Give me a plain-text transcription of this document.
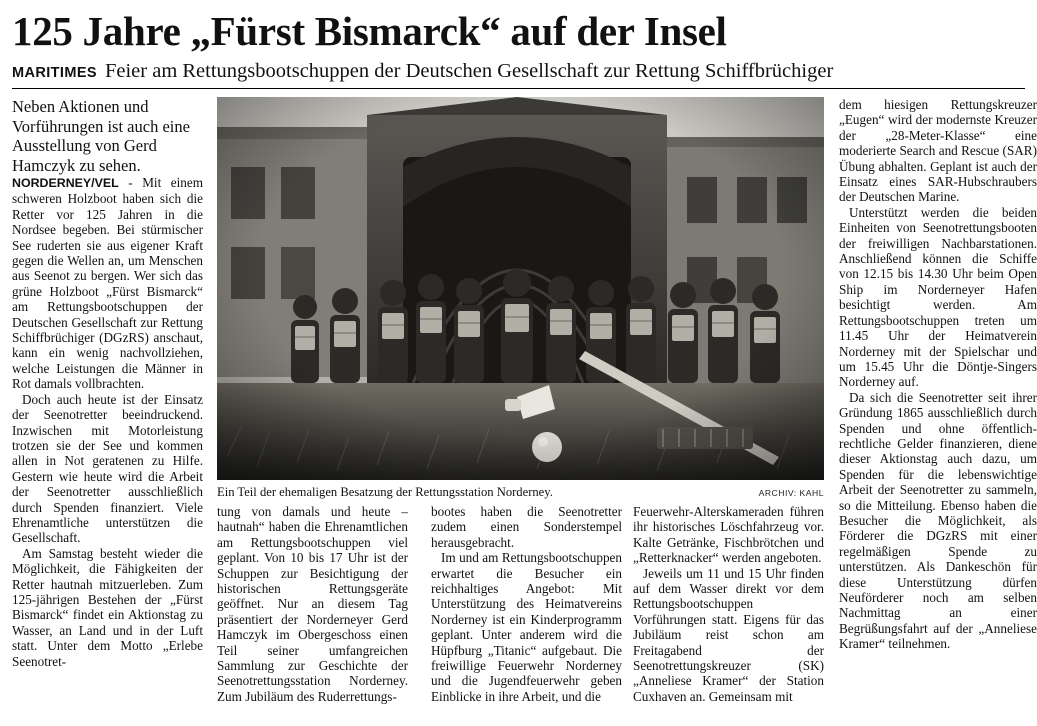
125 Jahre „Fürst Bismarck“ auf der Insel
MARITIMES Feier am Rettungsbootschuppen der Deutschen Gesellschaft zur Rettung Schiffbrüchiger

Neben Aktionen und Vorführungen ist auch eine Ausstellung von Gerd Hamczyk zu sehen.

NORDERNEY/VEL - Mit einem schweren Holzboot haben sich die Retter vor 125 Jahren in die Nordsee begeben. Bei stürmischer See ruderten sie aus eigener Kraft gegen die Wellen an, um Menschen aus Seenot zu bergen. Wer sich das grüne Holzboot „Fürst Bismarck“ am Rettungsbootschuppen der Deutschen Gesellschaft zur Rettung Schiffbrüchiger (DGzRS) anschaut, kann ein wenig nachvollziehen, welche Leistungen die Männer in Rot damals vollbrachten.

Doch auch heute ist der Einsatz der Seenotretter beeindruckend. Inzwischen mit Motorleistung trotzen sie der See und kommen allen in Not geratenen zu Hilfe. Gestern wie heute wird die Arbeit der Seenotretter ausschließlich durch Spenden finanziert. Viele Ehrenamtliche unterstützen die Gesellschaft.

Am Samstag besteht wieder die Möglichkeit, die Fähigkeiten der Retter hautnah mitzuerleben. Zum 125-jährigen Bestehen der „Fürst Bismarck“ findet ein Aktionstag zu Wasser, an Land und in der Luft statt. Unter dem Motto „Erlebe Seenotret-

Ein Teil der ehemaligen Besatzung der Rettungsstation Norderney.	ARCHIV: KAHL

tung von damals und heute – hautnah“ haben die Ehrenamtlichen am Rettungsbootschuppen viel geplant. Von 10 bis 17 Uhr ist der Schuppen zur Besichtigung der historischen Rettungsgeräte geöffnet. Nur an diesem Tag präsentiert der Norderneyer Gerd Hamczyk im Obergeschoss einen Teil seiner umfangreichen Sammlung zur Geschichte der Seenotrettungsstation Norderney. Zum Jubiläum des Ruderrettungs-

bootes haben die Seenotretter zudem einen Sonderstempel herausgebracht.

Im und am Rettungsbootschuppen erwartet die Besucher ein reichhaltiges Angebot: Mit Unterstützung des Heimatvereins Norderney ist ein Kinderprogramm geplant. Unter anderem wird die Hüpfburg „Titanic“ aufgebaut. Die freiwillige Feuerwehr Norderney und die Jugendfeuerwehr geben Einblicke in ihre Arbeit, und die

Feuerwehr-Alterskameraden führen ihr historisches Löschfahrzeug vor. Kalte Getränke, Fischbrötchen und „Retterknacker“ werden angeboten.

Jeweils um 11 und 15 Uhr finden auf dem Wasser direkt vor dem Rettungsbootschuppen Vorführungen statt. Eigens für das Jubiläum reist schon am Freitagabend der Seenotrettungskreuzer (SK) „Anneliese Kramer“ der Station Cuxhaven an. Gemeinsam mit

dem hiesigen Rettungskreuzer „Eugen“ wird der modernste Kreuzer der „28-Meter-Klasse“ eine moderierte Search and Rescue (SAR) Übung abhalten. Geplant ist auch der Einsatz eines SAR-Hubschraubers der Deutschen Marine.

Unterstützt werden die beiden Einheiten von Seenotrettungsbooten der freiwilligen Nachbarstationen. Anschließend können die Schiffe von 12.15 bis 14.30 Uhr beim Open Ship im Norderneyer Hafen besichtigt werden. Am Rettungsbootschuppen treten um 11.45 Uhr der Heimatverein Norderney mit der Spielschar und um 15.45 Uhr die Döntje-Singers Norderney auf.

Da sich die Seenotretter seit ihrer Gründung 1865 ausschließlich durch Spenden und ohne öffentlich-rechtliche Gelder finanzieren, diene dieser Aktionstag auch dazu, um Spenden für die lebenswichtige Arbeit der Seenotretter zu sammeln, so die Mitteilung. Ebenso haben die Besucher die Möglichkeit, als Förderer die DGzRS mit einer regelmäßigen Spende zu unterstützen. Als Dankeschön für diese Unterstützung dürfen Neuförderer noch am selben Nachmittag an einer Begrüßungsfahrt auf der „Anneliese Kramer“ teilnehmen.
